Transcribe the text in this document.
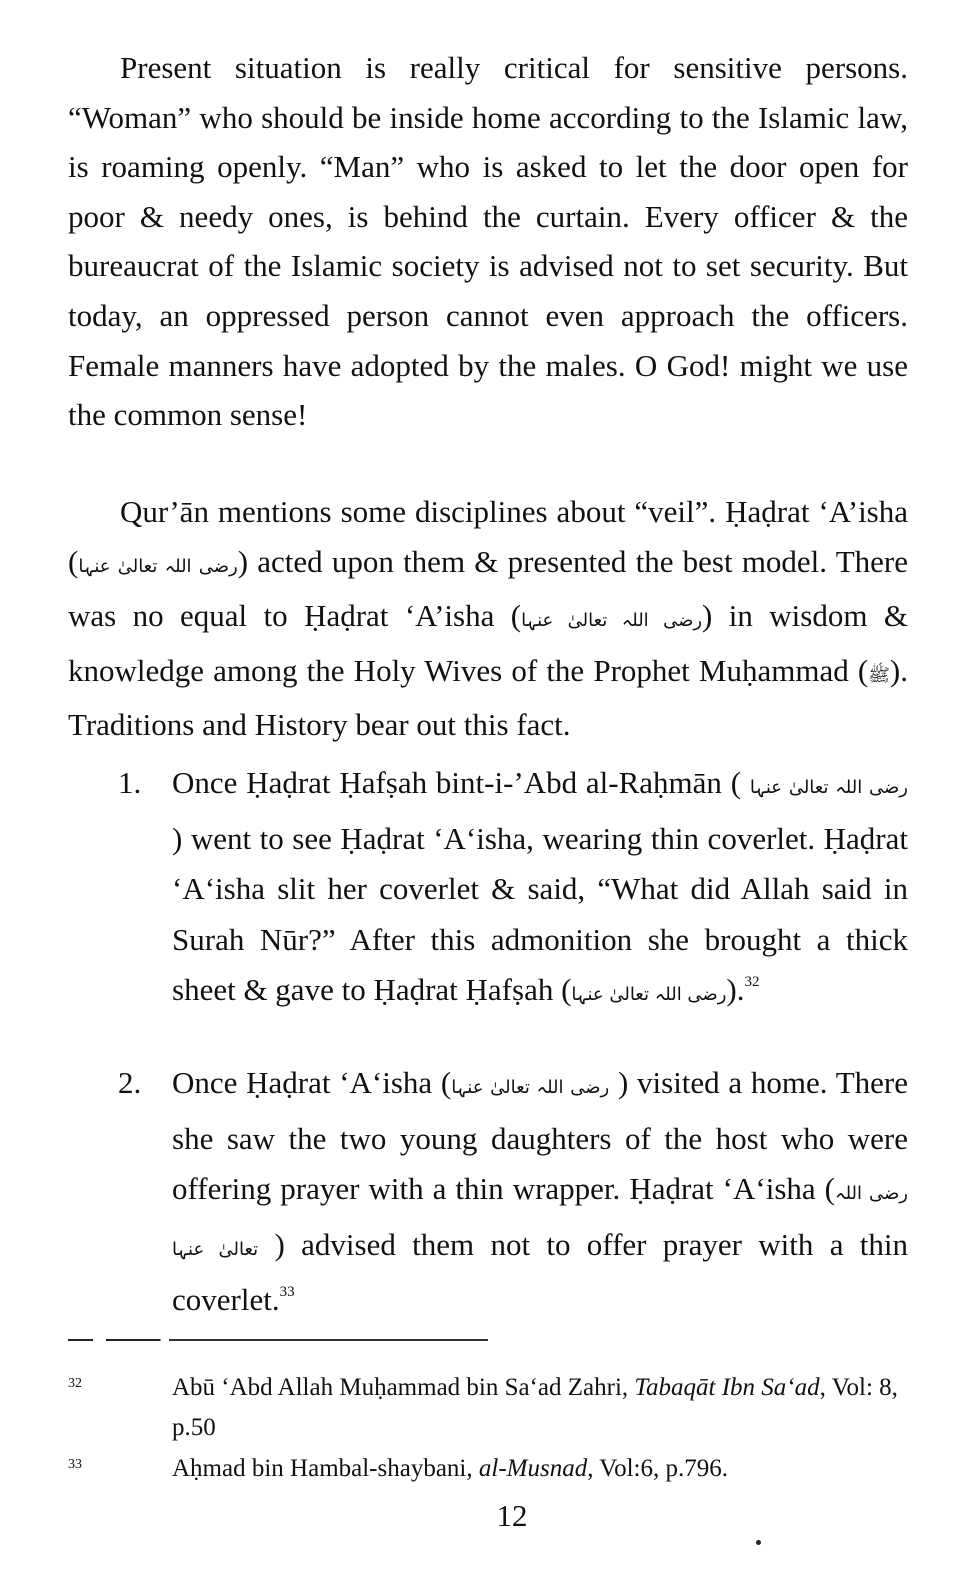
Present situation is really critical for sensitive persons. “Woman” who should be inside home according to the Islamic law, is roaming openly. “Man” who is asked to let the door open for poor & needy ones, is behind the curtain. Every officer & the bureaucrat of the Islamic society is advised not to set security. But today, an oppressed person cannot even approach the officers. Female manners have adopted by the males. O God! might we use the common sense!

Qur’ān mentions some disciplines about “veil”. Ḥaḍrat ‘A’isha (رضی اللہ تعالیٰ عنہا) acted upon them & presented the best model. There was no equal to Ḥaḍrat ‘A’isha (رضی اللہ تعالیٰ عنہا) in wisdom & knowledge among the Holy Wives of the Prophet Muḥammad (ﷺ). Traditions and History bear out this fact.

1. Once Ḥaḍrat Ḥafṣah bint-i-’Abd al-Raḥmān ( رضی اللہ تعالیٰ عنہا ) went to see Ḥaḍrat ‘A‘isha, wearing thin coverlet. Ḥaḍrat ‘A‘isha slit her coverlet & said, “What did Allah said in Surah Nūr?” After this admonition she brought a thick sheet & gave to Ḥaḍrat Ḥafṣah (رضی اللہ تعالیٰ عنہا).$^{32}$
2. Once Ḥaḍrat ‘A‘isha (رضی اللہ تعالیٰ عنہا ) visited a home. There she saw the two young daughters of the host who were offering prayer with a thin wrapper. Ḥaḍrat ‘A‘isha (رضی اللہ تعالیٰ عنہا ) advised them not to offer prayer with a thin coverlet.$^{33}$
32	Abū ‘Abd Allah Muḥammad bin Sa‘ad Zahri, Tabaqāt Ibn Sa‘ad, Vol: 8, p.50
33	Aḥmad bin Hambal-shaybani, al-Musnad, Vol:6, p.796.
12
